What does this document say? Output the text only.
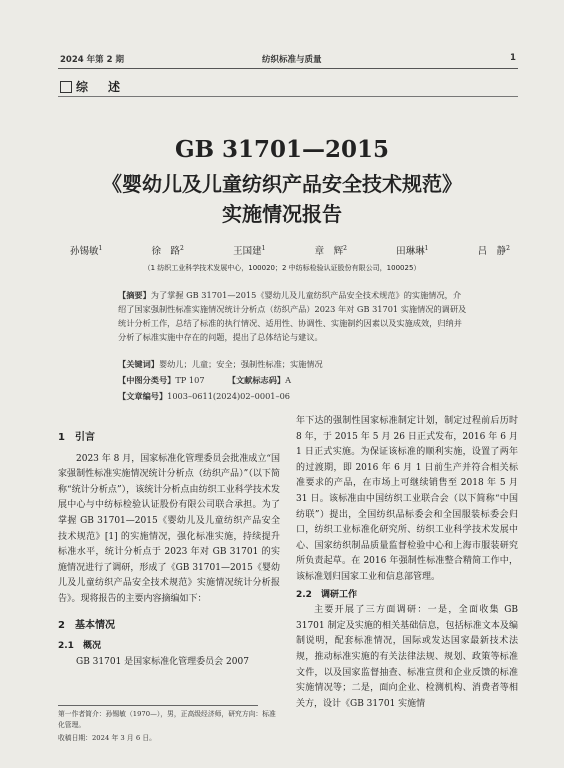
2024 年第 2 期	纺织标准与质量	1
综 述
GB 31701—2015
《婴幼儿及儿童纺织产品安全技术规范》
实施情况报告
孙锡敏$^1$	徐　路$^2$	王国建$^1$	章　辉$^2$	田琳琳$^1$	吕　静$^2$
（1 纺织工业科学技术发展中心，100020；2 中纺标检验认证股份有限公司，100025）
【摘要】为了掌握 GB 31701—2015《婴幼儿及儿童纺织产品安全技术规范》的实施情况，介绍了国家强制性标准实施情况统计分析点（纺织产品）2023 年对 GB 31701 实施情况的调研及统计分析工作，总结了标准的执行情况、适用性、协调性、实施制约因素以及实施成效，归纳并分析了标准实施中存在的问题，提出了总体结论与建议。
【关键词】婴幼儿；儿童；安全；强制性标准；实施情况
【中图分类号】TP 107	【文献标志码】A
【文章编号】1003–0611(2024)02–0001–06
1　引言

2023 年 8 月，国家标准化管理委员会批准成立“国家强制性标准实施情况统计分析点（纺织产品）”（以下简称“统计分析点”），该统计分析点由纺织工业科学技术发展中心与中纺标检验认证股份有限公司联合承担。为了掌握 GB 31701—2015《婴幼儿及儿童纺织产品安全技术规范》[1] 的实施情况，强化标准实施，持续提升标准水平，统计分析点于 2023 年对 GB 31701 的实施情况进行了调研，形成了《GB 31701—2015《婴幼儿及儿童纺织产品安全技术规范》实施情况统计分析报告》。现将报告的主要内容摘编如下：

2　基本情况
2.1　概况

GB 31701 是国家标准化管理委员会 2007

第一作者简介：孙锡敏（1970—），男，正高级经济师，研究方向：标准化管理。
收稿日期：2024 年 3 月 6 日。

年下达的强制性国家标准制定计划，制定过程前后历时 8 年，于 2015 年 5 月 26 日正式发布，2016 年 6 月 1 日正式实施。为保证该标准的顺利实施，设置了两年的过渡期，即 2016 年 6 月 1 日前生产并符合相关标准要求的产品，在市场上可继续销售至 2018 年 5 月 31 日。该标准由中国纺织工业联合会（以下简称“中国纺联”）提出，全国纺织品标委会和全国服装标委会归口，纺织工业标准化研究所、纺织工业科学技术发展中心、国家纺织制品质量监督检验中心和上海市服装研究所负责起草。在 2016 年强制性标准整合精简工作中，该标准划归国家工业和信息部管理。

2.2　调研工作

主要开展了三方面调研：一是，全面收集 GB 31701 制定及实施的相关基础信息，包括标准文本及编制说明，配套标准情况，国际或发达国家最新技术法规，推动标准实施的有关法律法规、规划、政策等标准文件，以及国家监督抽查、标准宣贯和企业反馈的标准实施情况等；二是，面向企业、检测机构、消费者等相关方，设计《GB 31701 实施情
